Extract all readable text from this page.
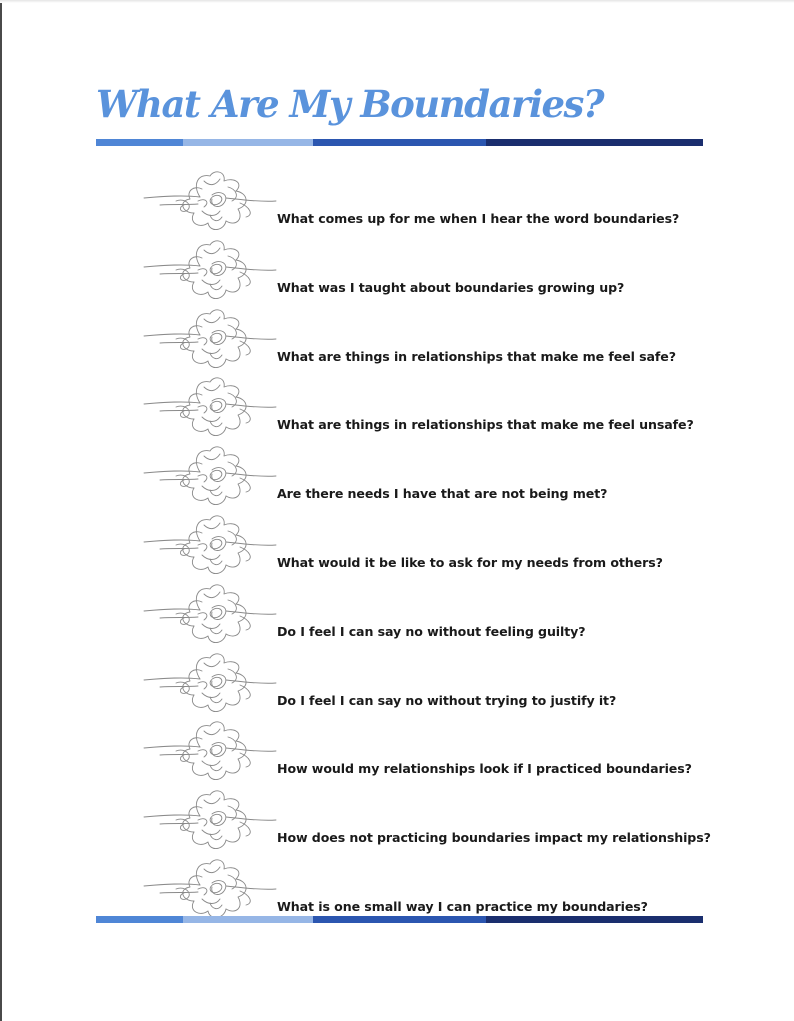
What Are My Boundaries?
What comes up for me when I hear the word boundaries?
What was I taught about boundaries growing up?
What are things in relationships that make me feel safe?
What are things in relationships that make me feel unsafe?
Are there needs I have that are not being met?
What would it be like to ask for my needs from others?
Do I feel I can say no without feeling guilty?
Do I feel I can say no without trying to justify it?
How would my relationships look if I practiced boundaries?
How does not practicing boundaries impact my relationships?
What is one small way I can practice my boundaries?
